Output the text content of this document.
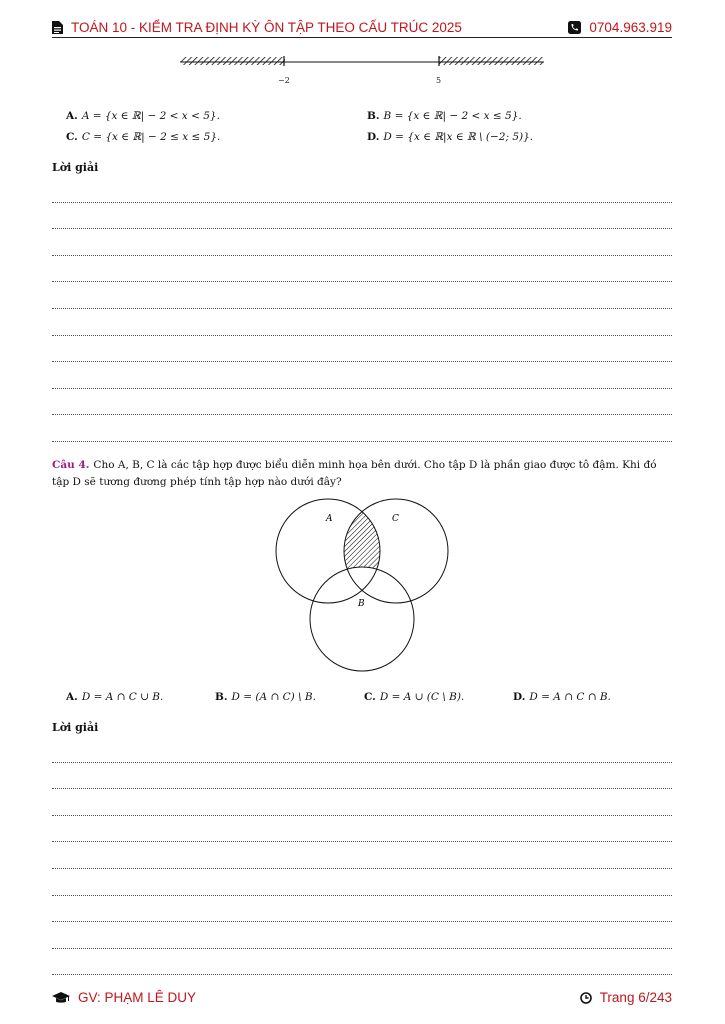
TOÁN 10 - KIỂM TRA ĐỊNH KỲ ÔN TẬP THEO CẤU TRÚC 2025	0704.963.919
−2	5
A. A = {x ∈ ℝ| − 2 < x < 5}.	B. B = {x ∈ ℝ| − 2 < x ≤ 5}.
C. C = {x ∈ ℝ| − 2 ≤ x ≤ 5}.	D. D = {x ∈ ℝ|x ∈ ℝ \ (−2; 5)}.
Lời giải
Câu 4. Cho A, B, C là các tập hợp được biểu diễn minh họa bên dưới. Cho tập D là phần giao được tô đậm. Khi đó tập D sẽ tương đương phép tính tập hợp nào dưới đây?
A	C
B
A. D = A ∩ C ∪ B.	B. D = (A ∩ C) \ B.	C. D = A ∪ (C \ B).	D. D = A ∩ C ∩ B.
Lời giải
GV: PHẠM LÊ DUY	Trang 6/243
